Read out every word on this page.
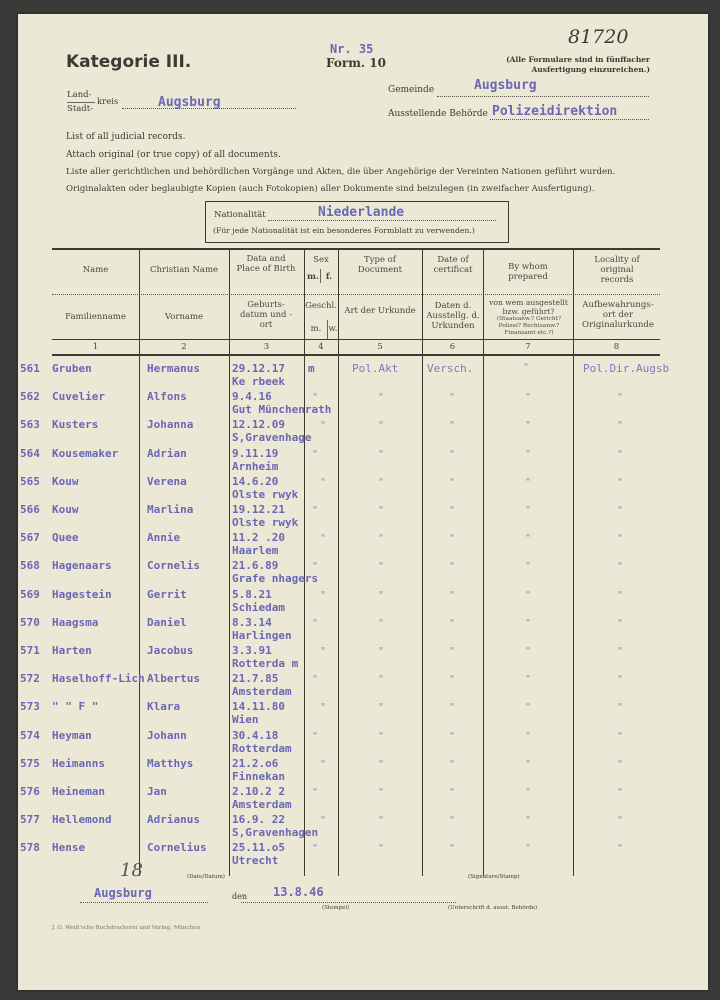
Kategorie III.
Nr. 35
Form. 10
81720
(Alle Formulare sind in fünffacher
Ausfertigung einzureichen.)
Land-
Stadt-
kreis	Augsburg
Gemeinde	Augsburg
Ausstellende Behörde Polizeidirektion
List of all judicial records.
Attach original (or true copy) of all documents.
Liste aller gerichtlichen und behördlichen Vorgänge und Akten, die über Angehörige der Vereinten Nationen geführt wurden.
Originalakten oder beglaubigte Kopien (auch Fotokopien) aller Dokumente sind beizulegen (in zweifacher Ausfertigung).
Nationalität	Niederlande
(Für jede Nationalität ist ein besonderes Formblatt zu verwenden.)
Name
Familienname
1
Christian Name
Vorname
2
Data and Place of Birth
Geburts- datum und -ort
3
Sex
m. f.
Geschl.
m. w.
4
Type of Document
Art der Urkunde
5
Date of certificat
Daten d. Ausstellg. d. Urkunden
6
By whom prepared
von wem ausgestellt bzw. geführt?
(Staatsanw.? Gericht? Polizei? Rechtsanw.? Finanzamt etc.?)
7
Locality of original records
Aufbewahrungs- ort der Originalurkunde
8
561 Gruben	Hermanus	29.12.17
Ke rbeek
m	Pol.Akt	Versch.	"	Pol.Dir.Augsb
562 Cuvelier	Alfons	9.4.16
Gut Münchenrath
"	"	"	"	"
563 Kusters	Johanna	12.12.09
S,Gravenhage
"	"	"	"	"
564 Kousemaker	Adrian	9.11.19
Arnheim
"	"	"	"	"
565 Kouw	Verena	14.6.20
Olste rwyk
"	"	"	"	"
566 Kouw	Marlina	19.12.21
Olste rwyk
"	"	"	"	"
567 Quee	Annie	11.2 .20
Haarlem
"	"	"	"	"
568 Hagenaars	Cornelis	21.6.89
Grafe nhagers
"	"	"	"	"
569 Hagestein	Gerrit	5.8.21
Schiedam
"	"	"	"	"
570 Haagsma	Daniel	8.3.14
Harlingen
"	"	"	"	"
571 Harten	Jacobus	3.3.91
Rotterda m
"	"	"	"	"
572 Haselhoff-Lich Albertus	21.7.85
Amsterdam
"	"	"	"	"
573 " " F "	Klara	14.11.80
Wien
"	"	"	"	"
574 Heyman	Johann	30.4.18
Rotterdam
"	"	"	"	"
575 Heimanns	Matthys	21.2.o6
Finnekan
"	"	"	"	"
576 Heineman	Jan	2.10.2 2
Amsterdam
"	"	"	"	"
577 Hellemond	Adrianus	16.9. 22
S,Gravenhagen
"	"	"	"	"
578 Hense	Cornelius 25.11.o5
Utrecht
"	"	"	"	"
18	(Date/Datum)	(Signature/Stamp)
Augsburg	den 13.8.46
(Stempel)	(Unterschrift d. ausst. Behörde)
J. G. Weiß'sche Buchdruckerei und Verlag, München
